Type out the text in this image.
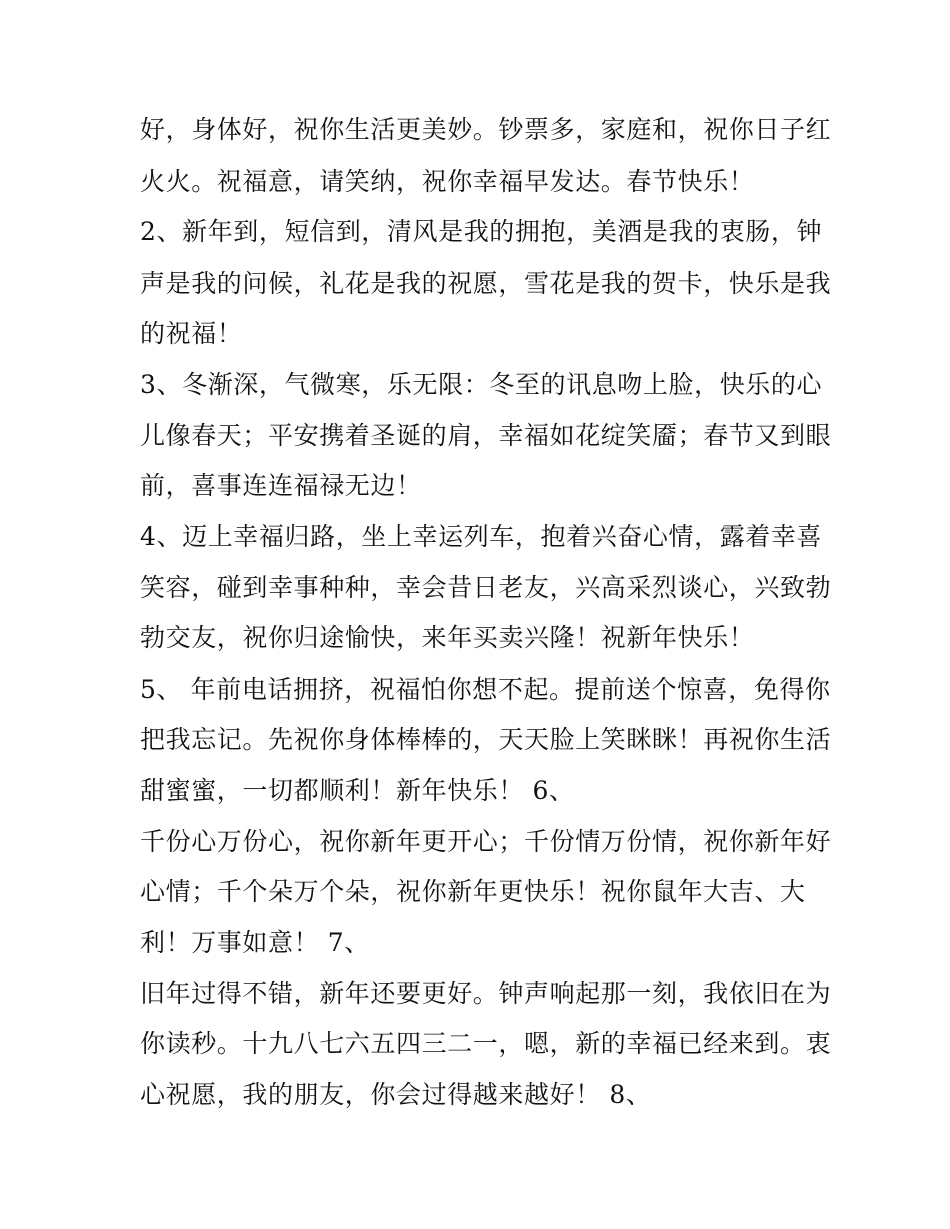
好，身体好，祝你生活更美妙。钞票多，家庭和，祝你日子红
火火。祝福意，请笑纳，祝你幸福早发达。春节快乐！
2、新年到，短信到，清风是我的拥抱，美酒是我的衷肠，钟
声是我的问候，礼花是我的祝愿，雪花是我的贺卡，快乐是我
的祝福！
3、冬渐深，气微寒，乐无限：冬至的讯息吻上脸，快乐的心
儿像春天；平安携着圣诞的肩，幸福如花绽笑靥；春节又到眼
前，喜事连连福禄无边！
4、迈上幸福归路，坐上幸运列车，抱着兴奋心情，露着幸喜
笑容，碰到幸事种种，幸会昔日老友，兴高采烈谈心，兴致勃
勃交友，祝你归途愉快，来年买卖兴隆！祝新年快乐！
5、 年前电话拥挤，祝福怕你想不起。提前送个惊喜，免得你
把我忘记。先祝你身体棒棒的，天天脸上笑眯眯！再祝你生活
甜蜜蜜，一切都顺利！新年快乐！ 6、
千份心万份心，祝你新年更开心；千份情万份情，祝你新年好
心情；千个朵万个朵，祝你新年更快乐！祝你鼠年大吉、大
利！万事如意！ 7、
旧年过得不错，新年还要更好。钟声响起那一刻，我依旧在为
你读秒。十九八七六五四三二一，嗯，新的幸福已经来到。衷
心祝愿，我的朋友，你会过得越来越好！ 8、
